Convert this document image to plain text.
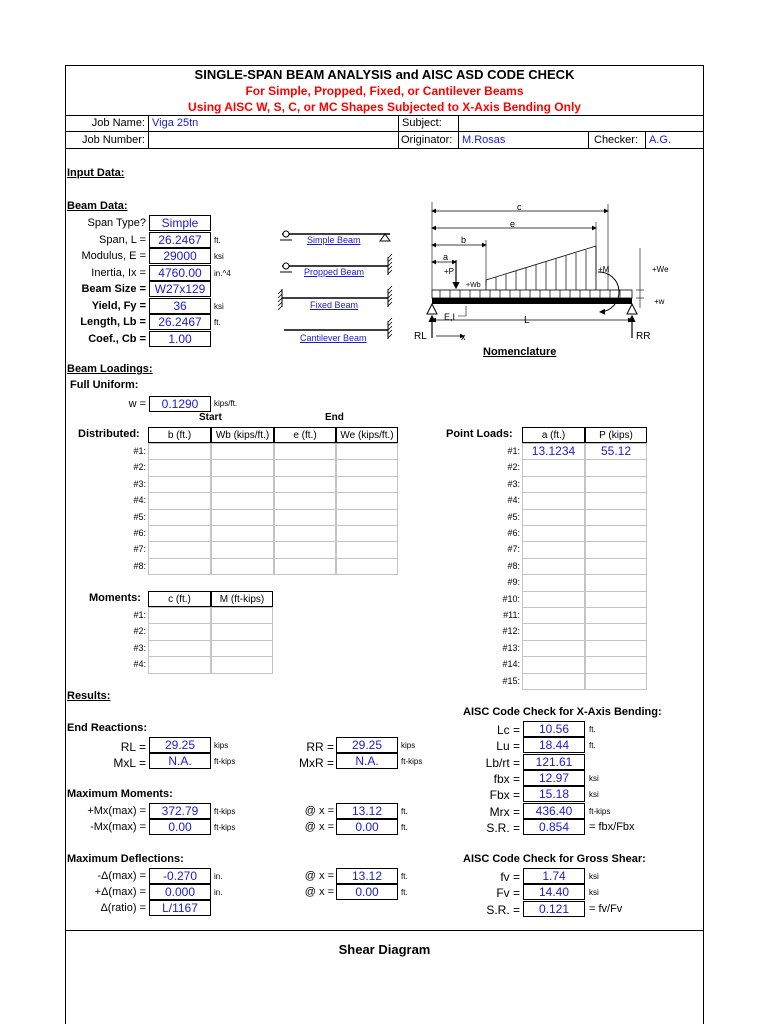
SINGLE-SPAN BEAM ANALYSIS and AISC ASD CODE CHECK
For Simple, Propped, Fixed, or Cantilever Beams
Using AISC W, S, C, or MC Shapes Subjected to X-Axis Bending Only
Job Name: Viga 25tn	Subject:
Job Number:	Originator: M.Rosas	Checker: A.G.
Input Data:
Beam Data:
Simple Beam
Propped Beam
Fixed Beam
Cantilever Beam
c
e
b
a
+P
+Wb
+M	+We
+w
E,I	L
RL	x	RR
Nomenclature
Beam Loadings:
Full Uniform:
w =	0.1290	kips/ft.
Start	End
Distributed:
Moments:
Point Loads:
Results:
End Reactions:
RL =	29.25	kips
MxL =	N.A.	ft-kips
RR =	29.25	kips
MxR =	N.A.	ft-kips
Maximum Moments:
+Mx(max) =	372.79	ft-kips	@ x =	13.12	ft.
-Mx(max) =	0.00	ft-kips	@ x =	0.00	ft.
Maximum Deflections:
-Δ(max) =	-0.270	in.	@ x =	13.12	ft.
+Δ(max) =	0.000	in.	@ x =	0.00	ft.
Δ(ratio) =	L/1167
AISC Code Check for X-Axis Bending:
AISC Code Check for Gross Shear:
Shear Diagram
Span Type?	Simple
Span, L =	26.2467	ft.
Modulus, E =	29000	ksi
Inertia, Ix =	4760.00	in.^4
Beam Size = W27x129
Yield, Fy =	36	ksi
Length, Lb =	26.2467	ft.
Coef., Cb =	1.00
b (ft.)	Wb (kips/ft.)	e (ft.)	We (kips/ft.)
#1:
#2:
#3:
#4:
#5:
#6:
#7:
#8:
c (ft.)	M (ft-kips)
#1:
#2:
#3:
#4:
a (ft.)	P (kips)
#1: 13.1234	55.12
#2:
#3:
#4:
#5:
#6:
#7:
#8:
#9:
#10:
#11:
#12:
#13:
#14:
#15:
Lc =	10.56	ft.
Lu =	18.44	ft.
Lb/rt =	121.61
fbx =	12.97	ksi
Fbx =	15.18	ksi
Mrx =	436.40	ft-kips
S.R. =	0.854	= fbx/Fbx
fv =	1.74	ksi
Fv =	14.40	ksi
S.R. =	0.121	= fv/Fv
